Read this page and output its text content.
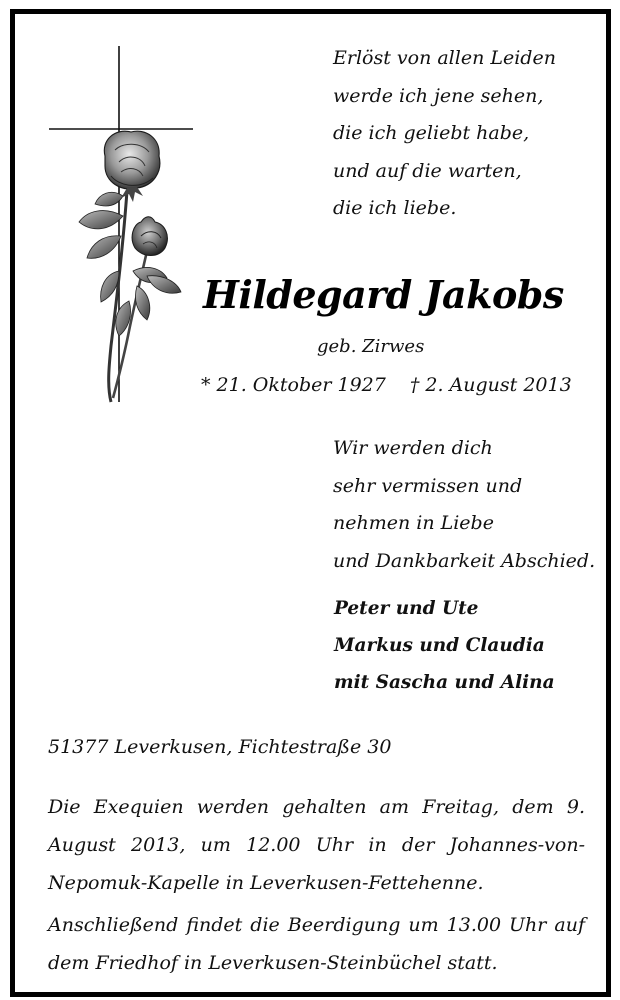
Erlöst von allen Leiden
werde ich jene sehen,
die ich geliebt habe,
und auf die warten,
die ich liebe.
Hildegard Jakobs
geb. Zirwes
* 21. Oktober 1927 † 2. August 2013
Wir werden dich
sehr vermissen und
nehmen in Liebe
und Dankbarkeit Abschied.
Peter und Ute
Markus und Claudia
mit Sascha und Alina
51377 Leverkusen, Fichtestraße 30

Die Exequien werden gehalten am Freitag, dem 9. August 2013, um 12.00 Uhr in der Johannes-von-Nepomuk-Kapelle in Leverkusen-Fettehenne.

Anschließend findet die Beerdigung um 13.00 Uhr auf dem Friedhof in Leverkusen-Steinbüchel statt.
